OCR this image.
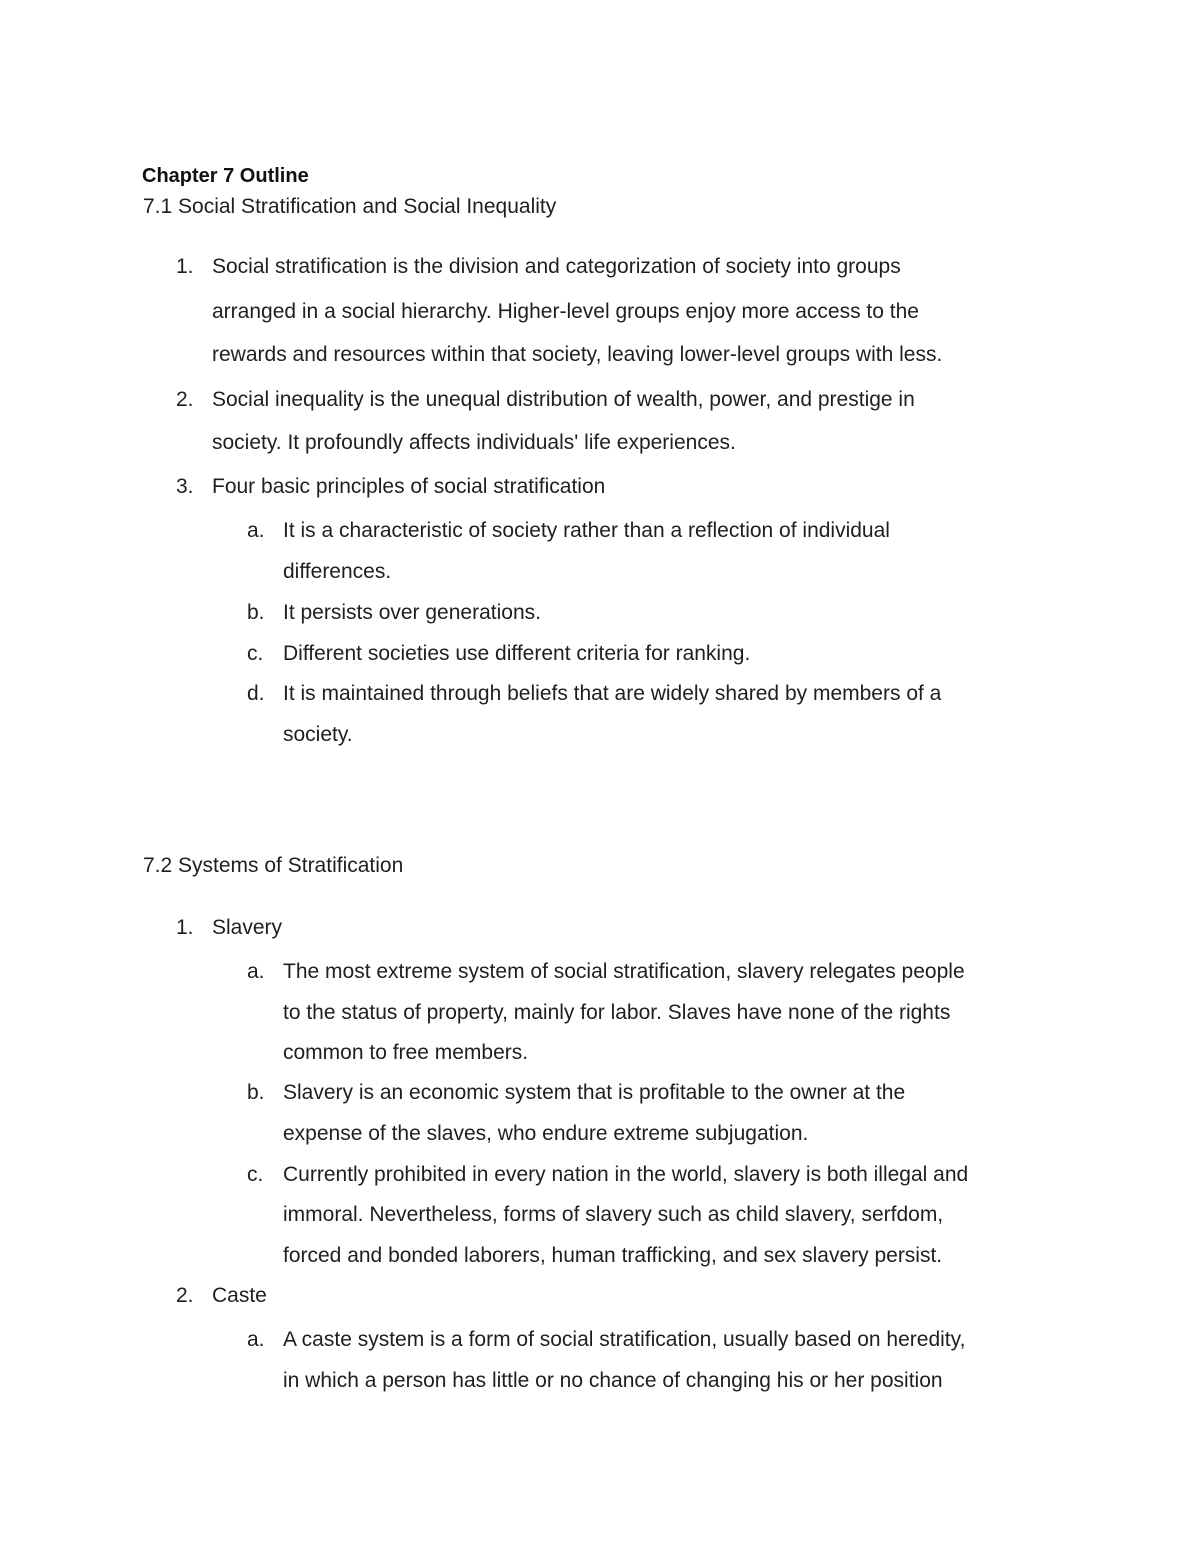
Chapter 7 Outline
7.1 Social Stratification and Social Inequality
1. Social stratification is the division and categorization of society into groups
arranged in a social hierarchy. Higher-level groups enjoy more access to the
rewards and resources within that society, leaving lower-level groups with less.
2. Social inequality is the unequal distribution of wealth, power, and prestige in
society. It profoundly affects individuals' life experiences.
3. Four basic principles of social stratification
a. It is a characteristic of society rather than a reflection of individual
differences.
b. It persists over generations.
c. Different societies use different criteria for ranking.
d. It is maintained through beliefs that are widely shared by members of a
society.
7.2 Systems of Stratification
1. Slavery
a. The most extreme system of social stratification, slavery relegates people
to the status of property, mainly for labor. Slaves have none of the rights
common to free members.
b. Slavery is an economic system that is profitable to the owner at the
expense of the slaves, who endure extreme subjugation.
c. Currently prohibited in every nation in the world, slavery is both illegal and
immoral. Nevertheless, forms of slavery such as child slavery, serfdom,
forced and bonded laborers, human trafficking, and sex slavery persist.
2. Caste
a. A caste system is a form of social stratification, usually based on heredity,
in which a person has little or no chance of changing his or her position
